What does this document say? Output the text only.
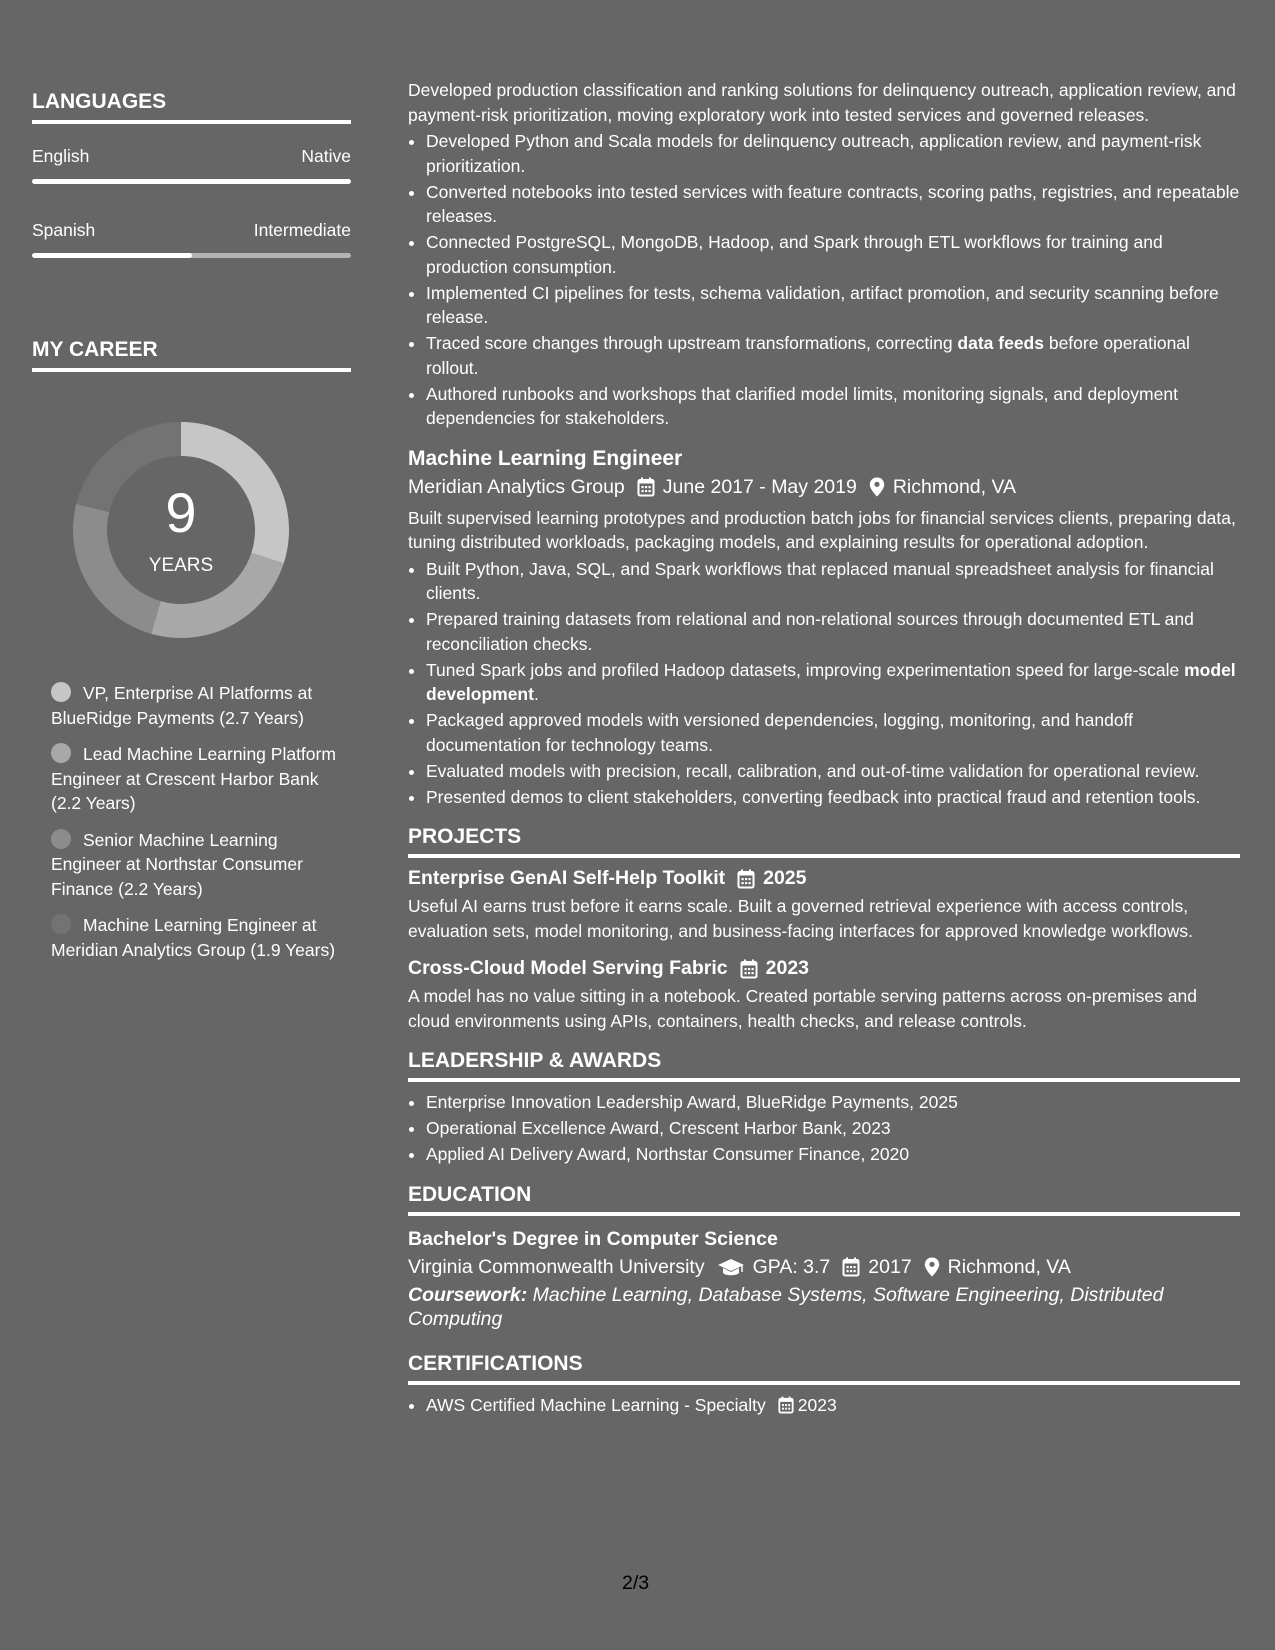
LANGUAGES
English	Native
Spanish	Intermediate
MY CAREER
9
YEARS
VP, Enterprise AI Platforms at BlueRidge Payments (2.7 Years)
Lead Machine Learning Platform Engineer at Crescent Harbor Bank (2.2 Years)
Senior Machine Learning Engineer at Northstar Consumer Finance (2.2 Years)
Machine Learning Engineer at Meridian Analytics Group (1.9 Years)

Developed production classification and ranking solutions for delinquency outreach, application review, and payment-risk prioritization, moving exploratory work into tested services and governed releases.

• Developed Python and Scala models for delinquency outreach, application review, and payment-risk prioritization.
• Converted notebooks into tested services with feature contracts, scoring paths, registries, and repeatable releases.
• Connected PostgreSQL, MongoDB, Hadoop, and Spark through ETL workflows for training and production consumption.
• Implemented CI pipelines for tests, schema validation, artifact promotion, and security scanning before release.
• Traced score changes through upstream transformations, correcting data feeds before operational rollout.
• Authored runbooks and workshops that clarified model limits, monitoring signals, and deployment dependencies for stakeholders.
Machine Learning Engineer
Meridian Analytics Group June 2017 - May 2019 Richmond, VA

Built supervised learning prototypes and production batch jobs for financial services clients, preparing data, tuning distributed workloads, packaging models, and explaining results for operational adoption.

• Built Python, Java, SQL, and Spark workflows that replaced manual spreadsheet analysis for financial clients.
• Prepared training datasets from relational and non-relational sources through documented ETL and reconciliation checks.
• Tuned Spark jobs and profiled Hadoop datasets, improving experimentation speed for large-scale model development.
• Packaged approved models with versioned dependencies, logging, monitoring, and handoff documentation for technology teams.
• Evaluated models with precision, recall, calibration, and out-of-time validation for operational review.
• Presented demos to client stakeholders, converting feedback into practical fraud and retention tools.
PROJECTS
Enterprise GenAI Self-Help Toolkit 2025

Useful AI earns trust before it earns scale. Built a governed retrieval experience with access controls, evaluation sets, model monitoring, and business-facing interfaces for approved knowledge workflows.

Cross-Cloud Model Serving Fabric 2023

A model has no value sitting in a notebook. Created portable serving patterns across on-premises and cloud environments using APIs, containers, health checks, and release controls.

LEADERSHIP & AWARDS
• Enterprise Innovation Leadership Award, BlueRidge Payments, 2025
• Operational Excellence Award, Crescent Harbor Bank, 2023
• Applied AI Delivery Award, Northstar Consumer Finance, 2020
EDUCATION
Bachelor's Degree in Computer Science
Virginia Commonwealth University GPA: 3.7 2017 Richmond, VA
Coursework: Machine Learning, Database Systems, Software Engineering, Distributed Computing
CERTIFICATIONS
• AWS Certified Machine Learning - Specialty 2023
2/3
